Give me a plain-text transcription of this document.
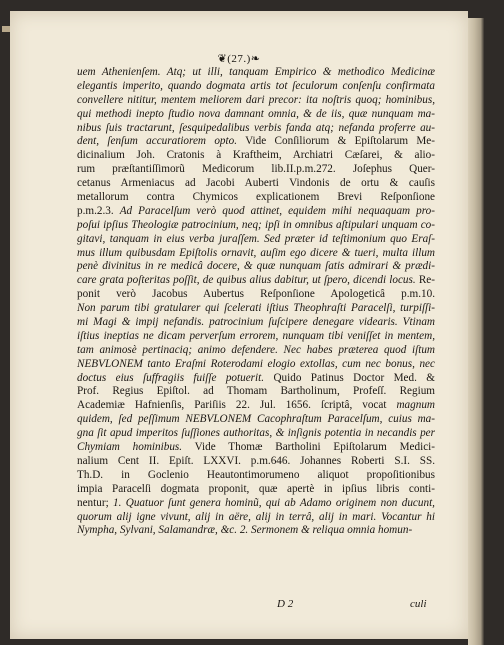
❦(27.)❧
uem Athenienſem. Atq; ut illi, tanquam Empirico & methodico Medicinæ
elegantis imperito, quando dogmata artis tot ſeculorum conſenſu confirmata
convellere nititur, mentem meliorem dari precor: ita noſtris quoq; hominibus,
qui methodi inepto ſtudio nova damnant omnia, & de iis, quæ nunquam ma-
nibus ſuis tractarunt, ſesquipedalibus verbis fanda atq; nefanda proferre au-
dent, ſenſum accuratiorem opto. Vide Conſiliorum & Epiſtolarum Me-
dicinalium Joh. Cratonis à Kraftheim, Archiatri Cæſarei, & alio-
rum præſtantiſſimorũ Medicorum lib.II.p.m.272. Joſephus Quer-
cetanus Armeniacus ad Jacobi Auberti Vindonis de ortu & cauſis
metallorum contra Chymicos explicationem Brevi Reſponſione
p.m.2.3. Ad Paracelſum verò quod attinet, equidem mihi nequaquam pro-
poſui ipſius Theologiæ patrocinium, neq; ipſi in omnibus aſtipulari unquam co-
gitavi, tanquam in eius verba juraſſem. Sed præter id teſtimonium quo Eraſ-
mus illum quibusdam Epiſtolis ornavit, auſim ego dicere & tueri, multa illum
penè divinitus in re medicâ docere, & quæ nunquam ſatis admirari & prædi-
care grata poſteritas poſſit, de quibus alius dabitur, ut ſpero, dicendi locus. Re-
ponit verò Jacobus Aubertus Reſponſione Apologeticâ p.m.10.
Non parum tibi gratularer qui ſcelerati iſtius Theophraſti Paracelſi, turpiſſi-
mi Magi & impij nefandis. patrocinium ſuſcipere denegare videaris. Vtinam
iſtius ineptias ne dicam perverſum errorem, nunquam tibi veniſſet in mentem,
tam animosè pertinaciq; animo defendere. Nec habes præterea quod iſtum
NEBVLONEM tanto Eraſmi Roterodami elogio extollas, cum nec bonus, nec
doctus eius ſuffragiis fuiſſe potuerit. Quido Patinus Doctor Med. &
Prof. Regius Epiſtol. ad Thomam Bartholinum, Profeſſ. Regium
Academiæ Hafnienſis, Pariſiis 22. Jul. 1656. ſcriptâ, vocat magnum
quidem, ſed peſſimum NEBVLONEM Cacophraſtum Paracelſum, cuius ma-
gna ſit apud imperitos ſuſſiones authoritas, & inſignis potentia in necandis per
Chymiam hominibus. Vide Thomæ Bartholini Epiſtolarum Medici-
nalium Cent II. Epiſt. LXXVI. p.m.646. Johannes Roberti S.I. SS.
Th.D. in Goclenio Heautontimorumeno aliquot propoſitionibus
impia Paracelſi dogmata proponit, quæ apertè in ipſius libris conti-
nentur; 1. Quatuor ſunt genera hominũ, qui ab Adamo originem non ducunt,
quorum alij igne vivunt, alij in aëre, alij in terrâ, alij in mari. Vocantur hi
Nympha, Sylvani, Salamandræ, &c. 2. Sermonem & reliqua omnia homun-
D 2	culi
